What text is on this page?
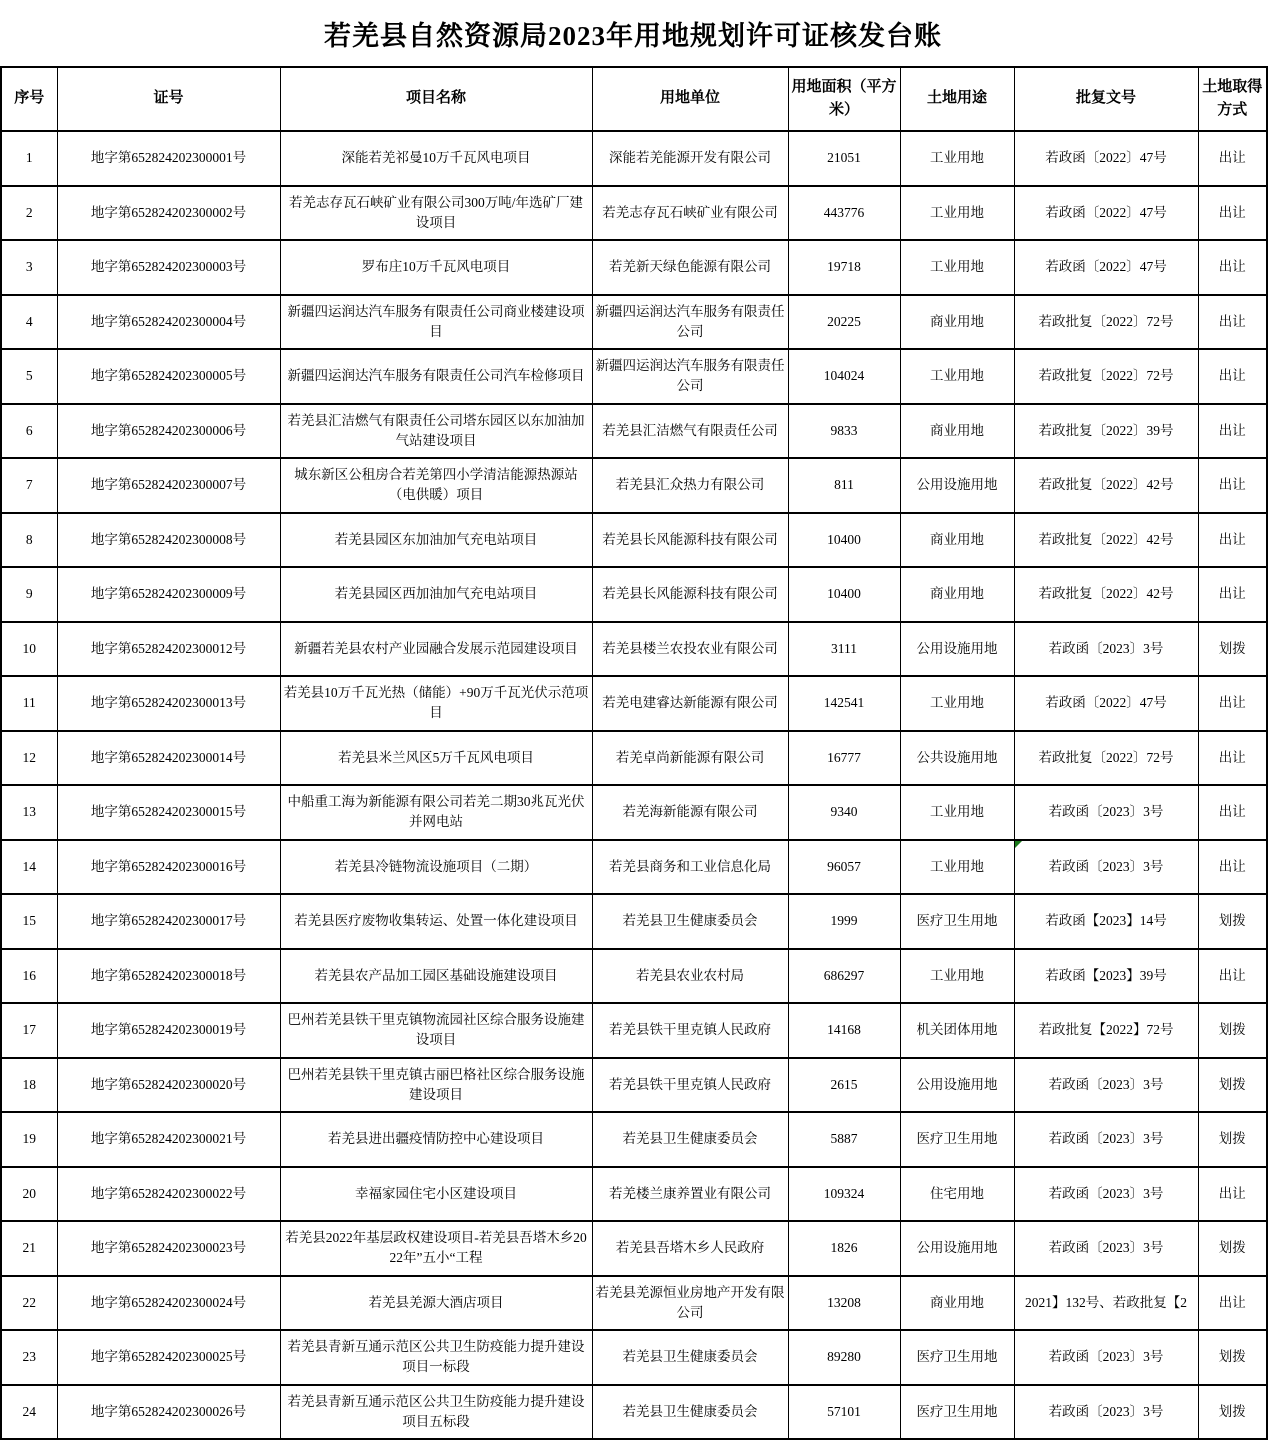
若羌县自然资源局2023年用地规划许可证核发台账
序号	证号	项目名称	用地单位	用地面积（平方米）	土地用途	批复文号	土地取得方式
1	地字第652824202300001号	深能若羌祁曼10万千瓦风电项目	深能若羌能源开发有限公司	21051	工业用地	若政函〔2022〕47号	出让
2	地字第652824202300002号	若羌志存瓦石峡矿业有限公司300万吨/年选矿厂建设项目	若羌志存瓦石峡矿业有限公司	443776	工业用地	若政函〔2022〕47号	出让
3	地字第652824202300003号	罗布庄10万千瓦风电项目	若羌新天绿色能源有限公司	19718	工业用地	若政函〔2022〕47号	出让
4	地字第652824202300004号	新疆四运润达汽车服务有限责任公司商业楼建设项目	新疆四运润达汽车服务有限责任公司	20225	商业用地	若政批复〔2022〕72号	出让
5	地字第652824202300005号	新疆四运润达汽车服务有限责任公司汽车检修项目	新疆四运润达汽车服务有限责任公司	104024	工业用地	若政批复〔2022〕72号	出让
6	地字第652824202300006号	若羌县汇洁燃气有限责任公司塔东园区以东加油加气站建设项目	若羌县汇洁燃气有限责任公司	9833	商业用地	若政批复〔2022〕39号	出让
7	地字第652824202300007号	城东新区公租房合若羌第四小学清洁能源热源站（电供暖）项目	若羌县汇众热力有限公司	811	公用设施用地	若政批复〔2022〕42号	出让
8	地字第652824202300008号	若羌县园区东加油加气充电站项目	若羌县长风能源科技有限公司	10400	商业用地	若政批复〔2022〕42号	出让
9	地字第652824202300009号	若羌县园区西加油加气充电站项目	若羌县长风能源科技有限公司	10400	商业用地	若政批复〔2022〕42号	出让
10	地字第652824202300012号	新疆若羌县农村产业园融合发展示范园建设项目	若羌县楼兰农投农业有限公司	3111	公用设施用地	若政函〔2023〕3号	划拨
11	地字第652824202300013号	若羌县10万千瓦光热（储能）+90万千瓦光伏示范项目	若羌电建睿达新能源有限公司	142541	工业用地	若政函〔2022〕47号	出让
12	地字第652824202300014号	若羌县米兰风区5万千瓦风电项目	若羌卓尚新能源有限公司	16777	公共设施用地	若政批复〔2022〕72号	出让
13	地字第652824202300015号	中船重工海为新能源有限公司若羌二期30兆瓦光伏并网电站	若羌海新能源有限公司	9340	工业用地	若政函〔2023〕3号	出让
14	地字第652824202300016号	若羌县冷链物流设施项目（二期）	若羌县商务和工业信息化局	96057	工业用地	若政函〔2023〕3号	出让
15	地字第652824202300017号	若羌县医疗废物收集转运、处置一体化建设项目	若羌县卫生健康委员会	1999	医疗卫生用地	若政函【2023】14号	划拨
16	地字第652824202300018号	若羌县农产品加工园区基础设施建设项目	若羌县农业农村局	686297	工业用地	若政函【2023】39号	出让
17	地字第652824202300019号	巴州若羌县铁干里克镇物流园社区综合服务设施建设项目	若羌县铁干里克镇人民政府	14168	机关团体用地	若政批复【2022】72号	划拨
18	地字第652824202300020号	巴州若羌县铁干里克镇古丽巴格社区综合服务设施建设项目	若羌县铁干里克镇人民政府	2615	公用设施用地	若政函〔2023〕3号	划拨
19	地字第652824202300021号	若羌县进出疆疫情防控中心建设项目	若羌县卫生健康委员会	5887	医疗卫生用地	若政函〔2023〕3号	划拨
20	地字第652824202300022号	幸福家园住宅小区建设项目	若羌楼兰康养置业有限公司	109324	住宅用地	若政函〔2023〕3号	出让
21	地字第652824202300023号	若羌县2022年基层政权建设项目-若羌县吾塔木乡2022年”五小“工程	若羌县吾塔木乡人民政府	1826	公用设施用地	若政函〔2023〕3号	划拨
22	地字第652824202300024号	若羌县羌源大酒店项目	若羌县羌源恒业房地产开发有限公司	13208	商业用地	2021】132号、若政批复【2	出让
23	地字第652824202300025号	若羌县青新互通示范区公共卫生防疫能力提升建设项目一标段	若羌县卫生健康委员会	89280	医疗卫生用地	若政函〔2023〕3号	划拨
24	地字第652824202300026号	若羌县青新互通示范区公共卫生防疫能力提升建设项目五标段	若羌县卫生健康委员会	57101	医疗卫生用地	若政函〔2023〕3号	划拨
